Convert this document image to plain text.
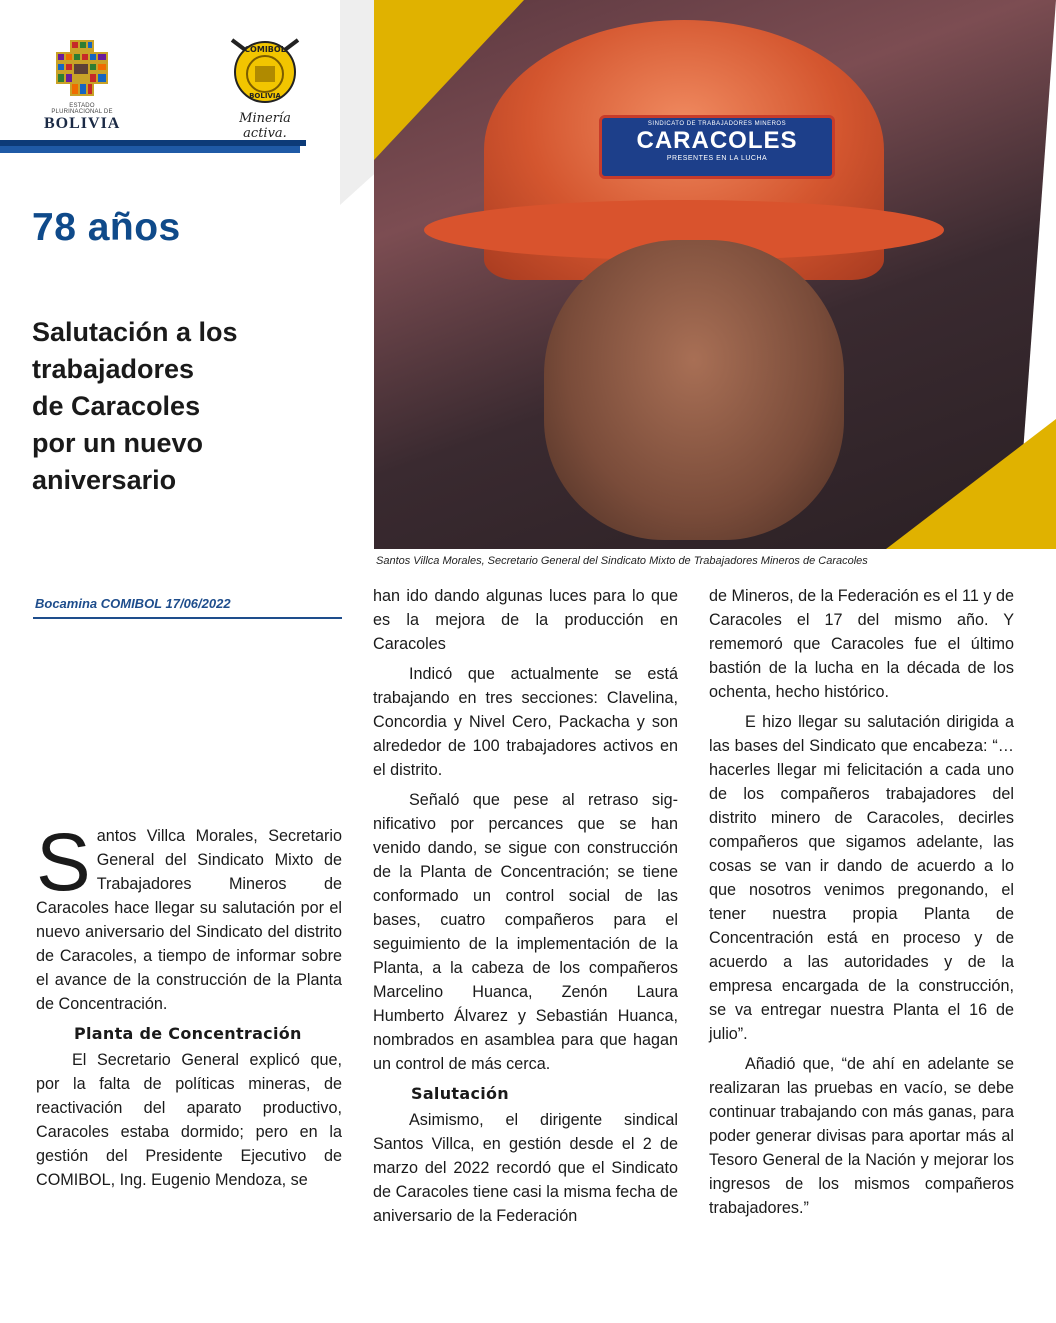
ESTADO PLURINACIONAL DE
BOLIVIA
COMIBOL
BOLIVIA
Minería activa.
SINDICATO DE TRABAJADORES MINEROS
CARACOLES
PRESENTES EN LA LUCHA
Santos Villca Morales, Secretario General del Sindicato Mixto de Trabajadores Mineros de Caracoles
78 años
Salutación a los
trabajadores
de Caracoles
por un nuevo
aniversario
Bocamina COMIBOL 17/06/2022

Santos Villca Morales, Secretario General del Sindicato Mixto de Trabajadores Mineros de Caracoles hace llegar su salutación por el nuevo aniversario del Sindicato del distrito de Caracoles, a tiempo de informar sobre el avance de la construcción de la Planta de Concentración.

Planta de Concentración

El Secretario General explicó que, por la falta de políticas mineras, de reactivación del aparato productivo, Caracoles estaba dormido; pero en la gestión del Presidente Ejecutivo de COMIBOL, Ing. Eugenio Mendoza, se

han ido dando algunas luces para lo que es la mejora de la producción en Caracoles

Indicó que actualmente se está trabajando en tres secciones: Clavelina, Concordia y Nivel Cero, Packacha y son alrededor de 100 trabajadores activos en el distrito.

Señaló que pese al retraso significativo por percances que se han venido dando, se sigue con construcción de la Planta de Concentración; se tiene conformado un control social de las bases, cuatro compañeros para el seguimiento de la implementación de la Planta, a la cabeza de los compañeros Marcelino Huanca, Zenón Laura Humberto Álvarez y Sebastián Huanca, nombrados en asamblea para que hagan un control de más cerca.

Salutación

Asimismo, el dirigente sindical Santos Villca, en gestión desde el 2 de marzo del 2022 recordó que el Sindicato de Caracoles tiene casi la misma fecha de aniversario de la Federación

de Mineros, de la Federación es el 11 y de Caracoles el 17 del mismo año. Y rememoró que Caracoles fue el último bastión de la lucha en la década de los ochenta, hecho histórico.

E hizo llegar su salutación dirigida a las bases del Sindicato que encabeza: “…hacerles llegar mi felicitación a cada uno de los compañeros trabajadores del distrito minero de Caracoles, decirles compañeros que sigamos adelante, las cosas se van ir dando de acuerdo a lo que nosotros venimos pregonando, el tener nuestra propia Planta de Concentración está en proceso y de acuerdo a las autoridades y de la empresa encargada de la construcción, se va entregar nuestra Planta el 16 de julio”.

Añadió que, “de ahí en adelante se realizaran las pruebas en vacío, se debe continuar trabajando con más ganas, para poder generar divisas para aportar más al Tesoro General de la Nación y mejorar los ingresos de los mismos compañeros trabajadores.”
